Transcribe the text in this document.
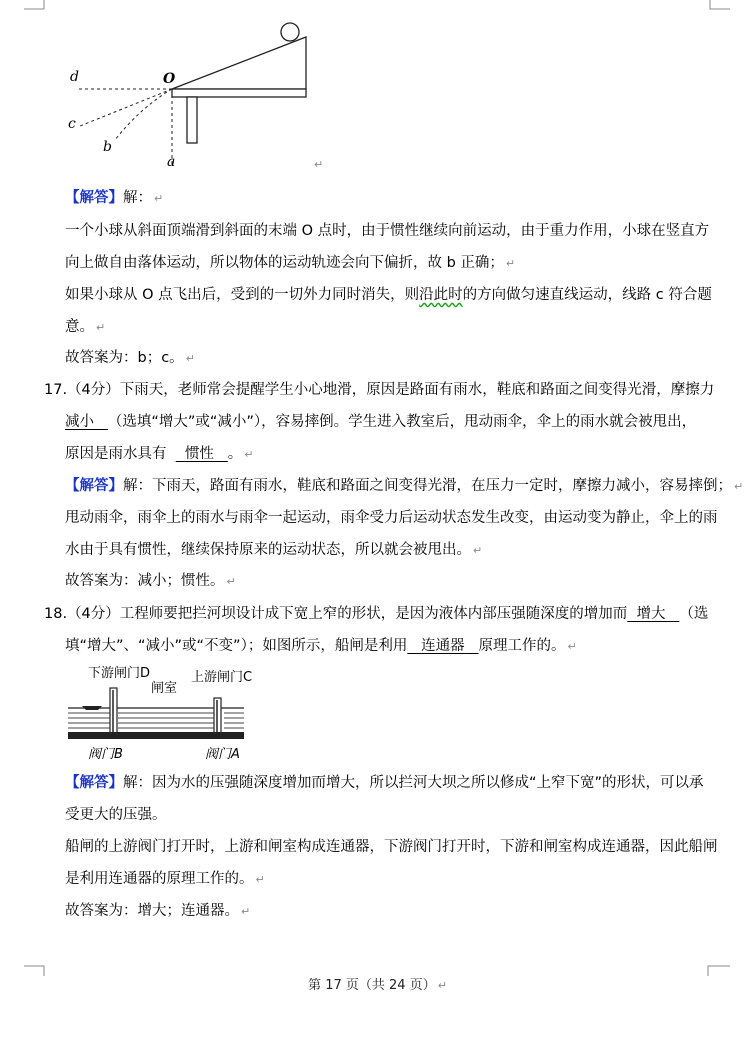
d	O
c
b
a	↵
【解答】解： ↵
一个小球从斜面顶端滑到斜面的末端 O 点时，由于惯性继续向前运动，由于重力作用，小球在竖直方
向上做自由落体运动，所以物体的运动轨迹会向下偏折，故 b 正确； ↵
如果小球从 O 点飞出后，受到的一切外力同时消失，则沿此时的方向做匀速直线运动，线路 c 符合题
意。 ↵
故答案为：b；c。 ↵
17.（4分）下雨天，老师常会提醒学生小心地滑，原因是路面有雨水，鞋底和路面之间变得光滑，摩擦力
减小 （选填“增大”或“减小”），容易摔倒。学生进入教室后，甩动雨伞，伞上的雨水就会被甩出，
原因是雨水具有 惯性 。 ↵
【解答】解：下雨天，路面有雨水，鞋底和路面之间变得光滑，在压力一定时，摩擦力减小，容易摔倒； ↵
甩动雨伞，雨伞上的雨水与雨伞一起运动，雨伞受力后运动状态发生改变，由运动变为静止，伞上的雨
水由于具有惯性，继续保持原来的运动状态，所以就会被甩出。 ↵
故答案为：减小；惯性。 ↵
18.（4分）工程师要把拦河坝设计成下宽上窄的形状，是因为液体内部压强随深度的增加而 增大 （选
填“增大”、“减小”或“不变”）；如图所示，船闸是利用 连通器 原理工作的。 ↵
下游闸门D
闸室
上游闸门C
阀门B	阀门A
【解答】解：因为水的压强随深度增加而增大，所以拦河大坝之所以修成“上窄下宽”的形状，可以承
受更大的压强。
船闸的上游阀门打开时，上游和闸室构成连通器，下游阀门打开时，下游和闸室构成连通器，因此船闸
是利用连通器的原理工作的。 ↵
故答案为：增大；连通器。 ↵
第 17 页（共 24 页） ↵
